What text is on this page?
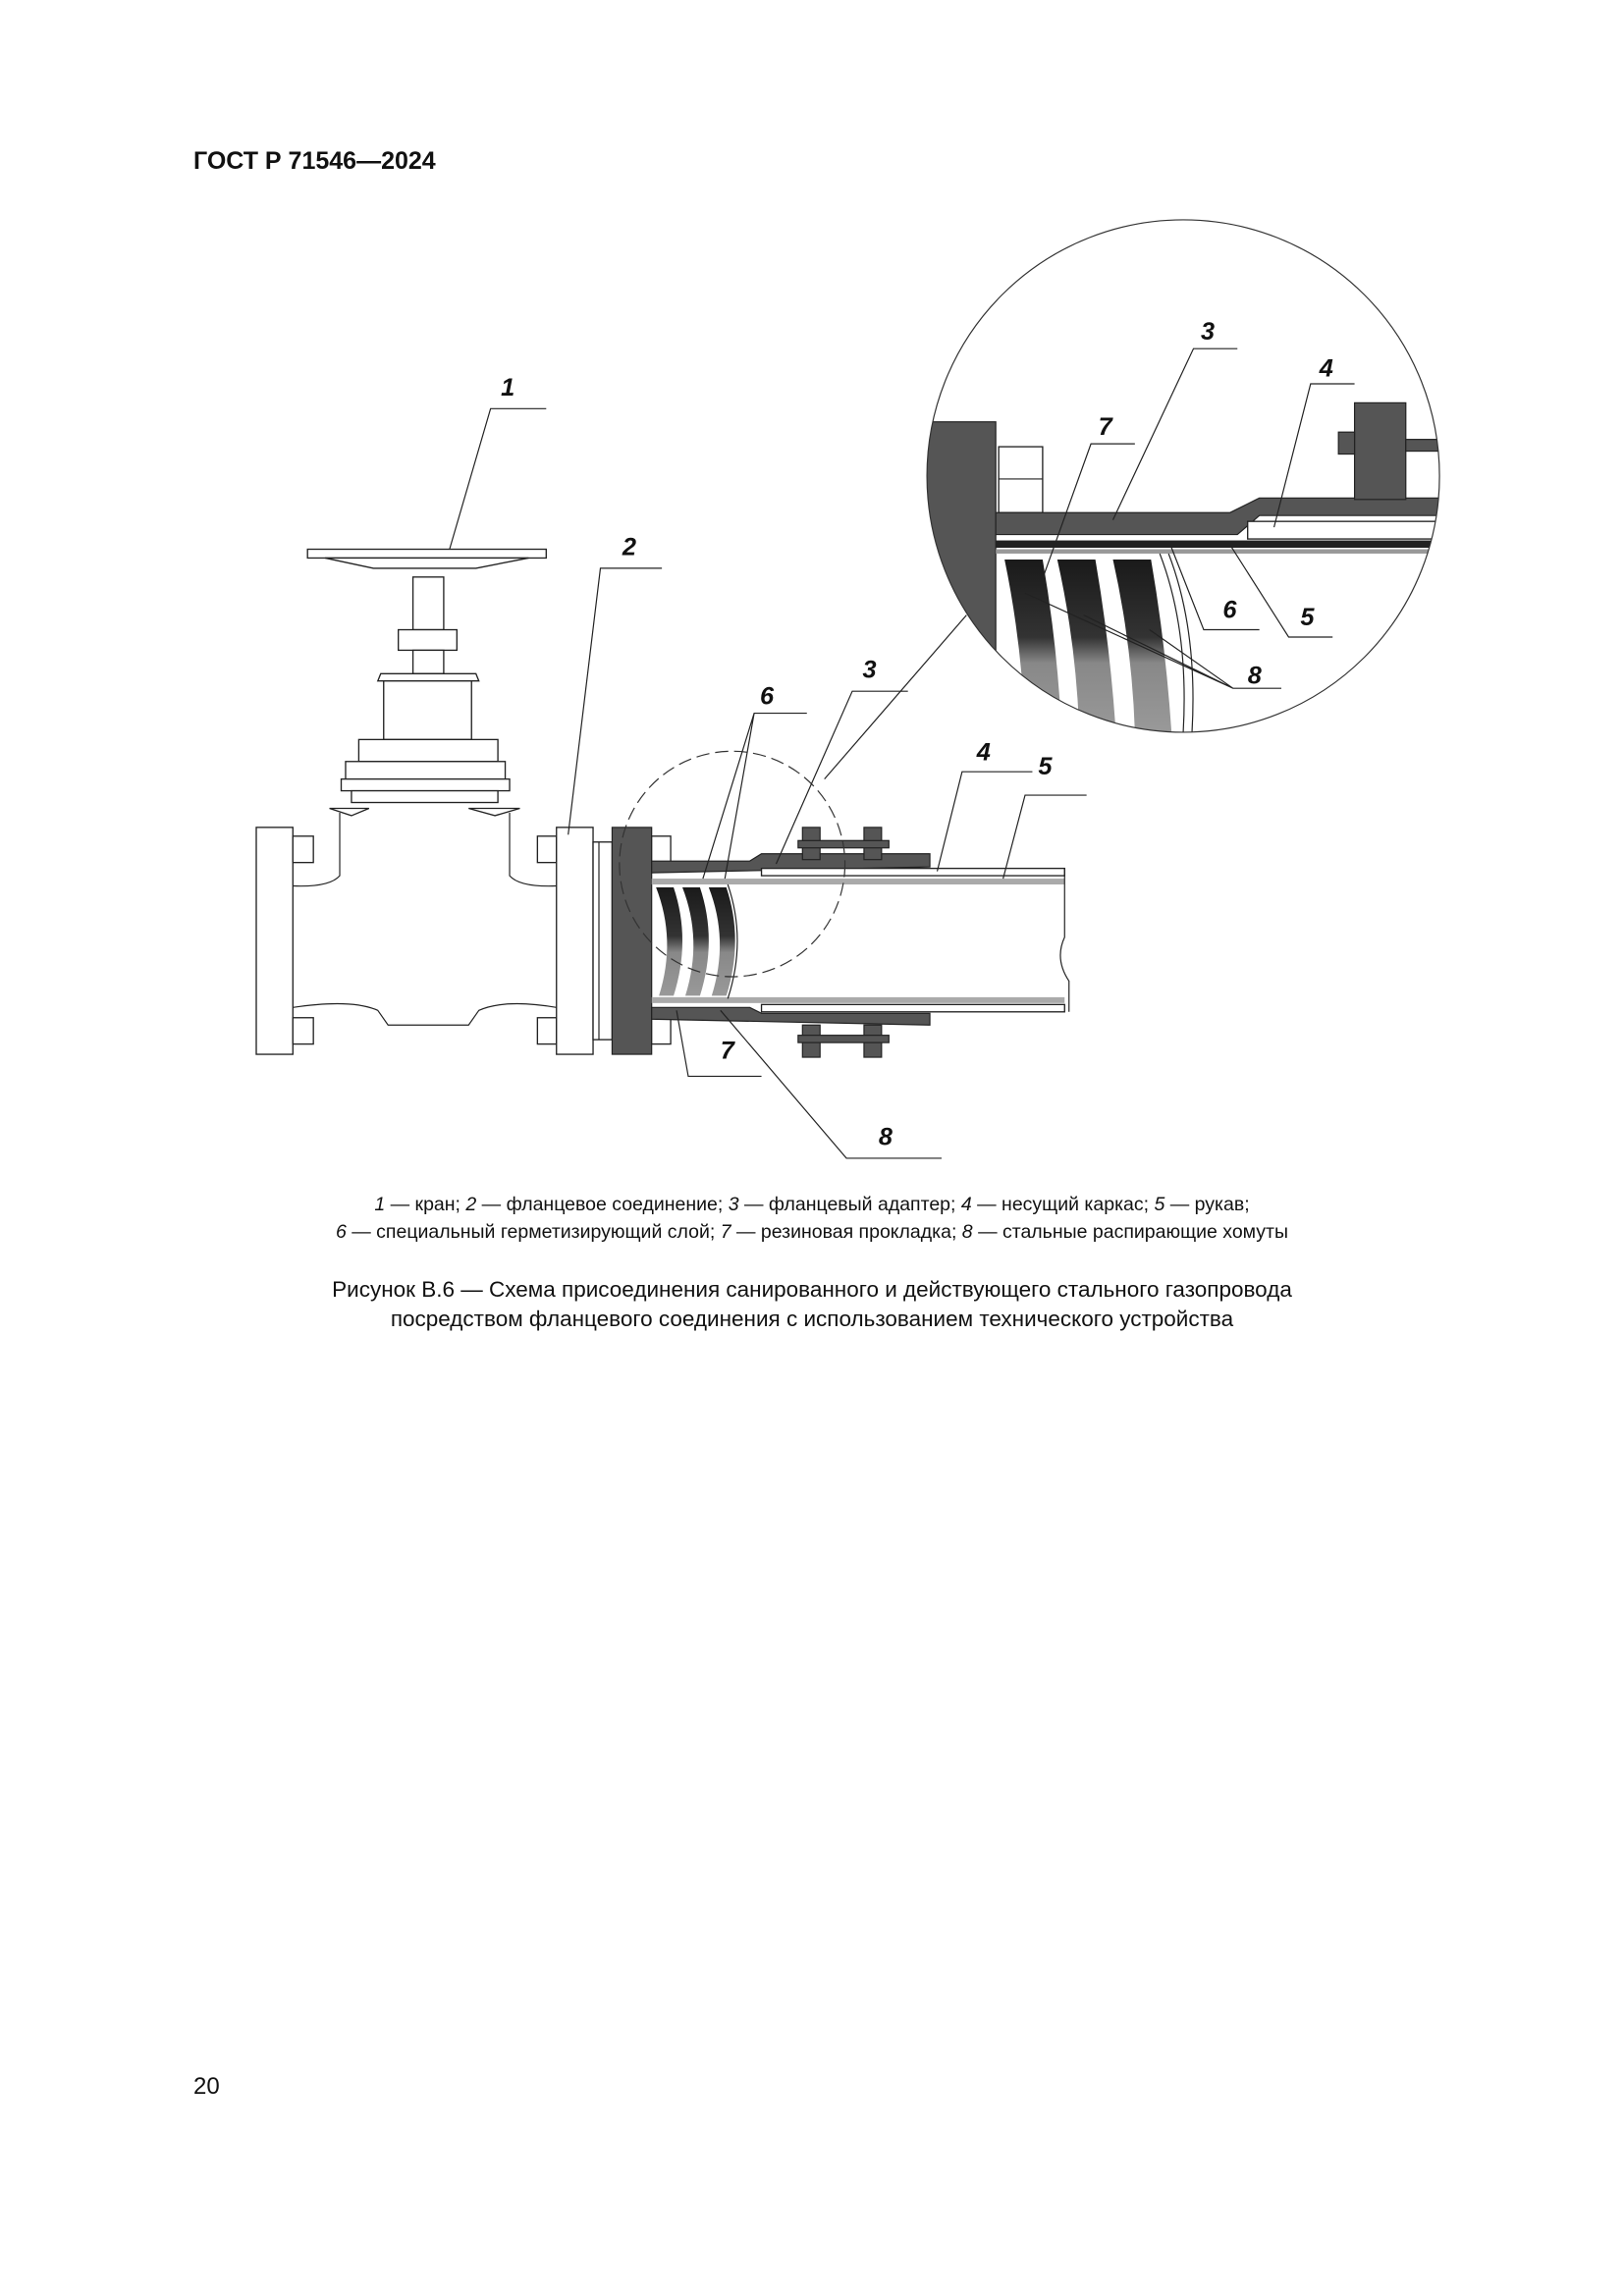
ГОСТ Р 71546—2024
1
2
3
6
4
5
7
8
3
4
7
6	5
8
1 — кран; 2 — фланцевое соединение; 3 — фланцевый адаптер; 4 — несущий каркас; 5 — рукав;
6 — специальный герметизирующий слой; 7 — резиновая прокладка; 8 — стальные распирающие хомуты
Рисунок В.6 — Схема присоединения санированного и действующего стального газопровода
посредством фланцевого соединения с использованием технического устройства
20
